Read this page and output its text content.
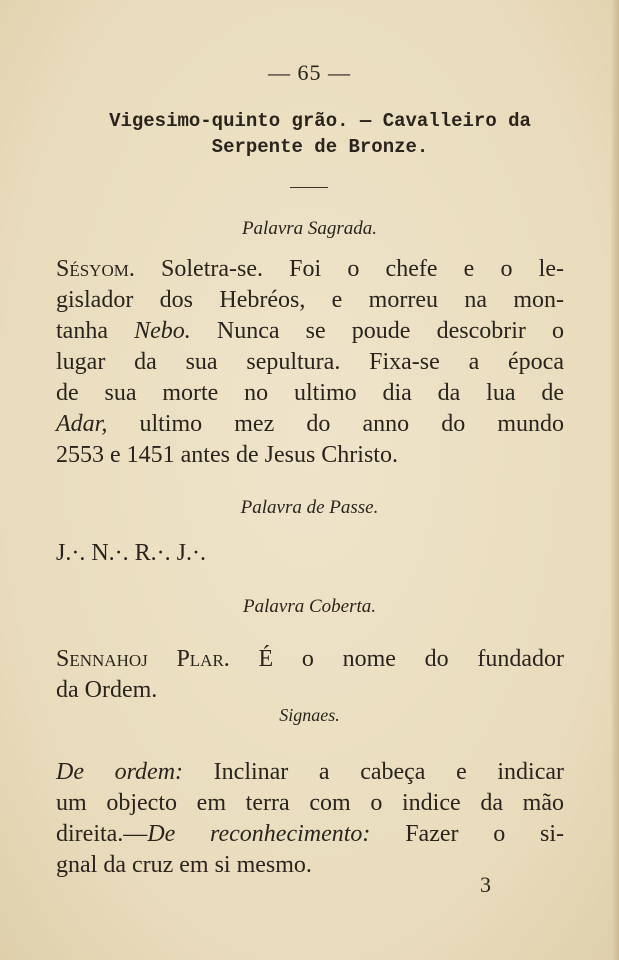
— 65 —
Vigesimo-quinto grão. — Cavalleiro da
Serpente de Bronze.
Palavra Sagrada.
Sésyom. Soletra-se. Foi o chefe e o le-
gislador dos Hebréos, e morreu na mon-
tanha Nebo. Nunca se poude descobrir o
lugar da sua sepultura. Fixa-se a época
de sua morte no ultimo dia da lua de
Adar, ultimo mez do anno do mundo
2553 e 1451 antes de Jesus Christo.
Palavra de Passe.
J.·. N.·. R.·. J.·.
Palavra Coberta.
Sennahoj Plar. É o nome do fundador
da Ordem.
Signaes.
De ordem: Inclinar a cabeça e indicar
um objecto em terra com o indice da mão
direita.—De reconhecimento: Fazer o si-
gnal da cruz em si mesmo.
3
